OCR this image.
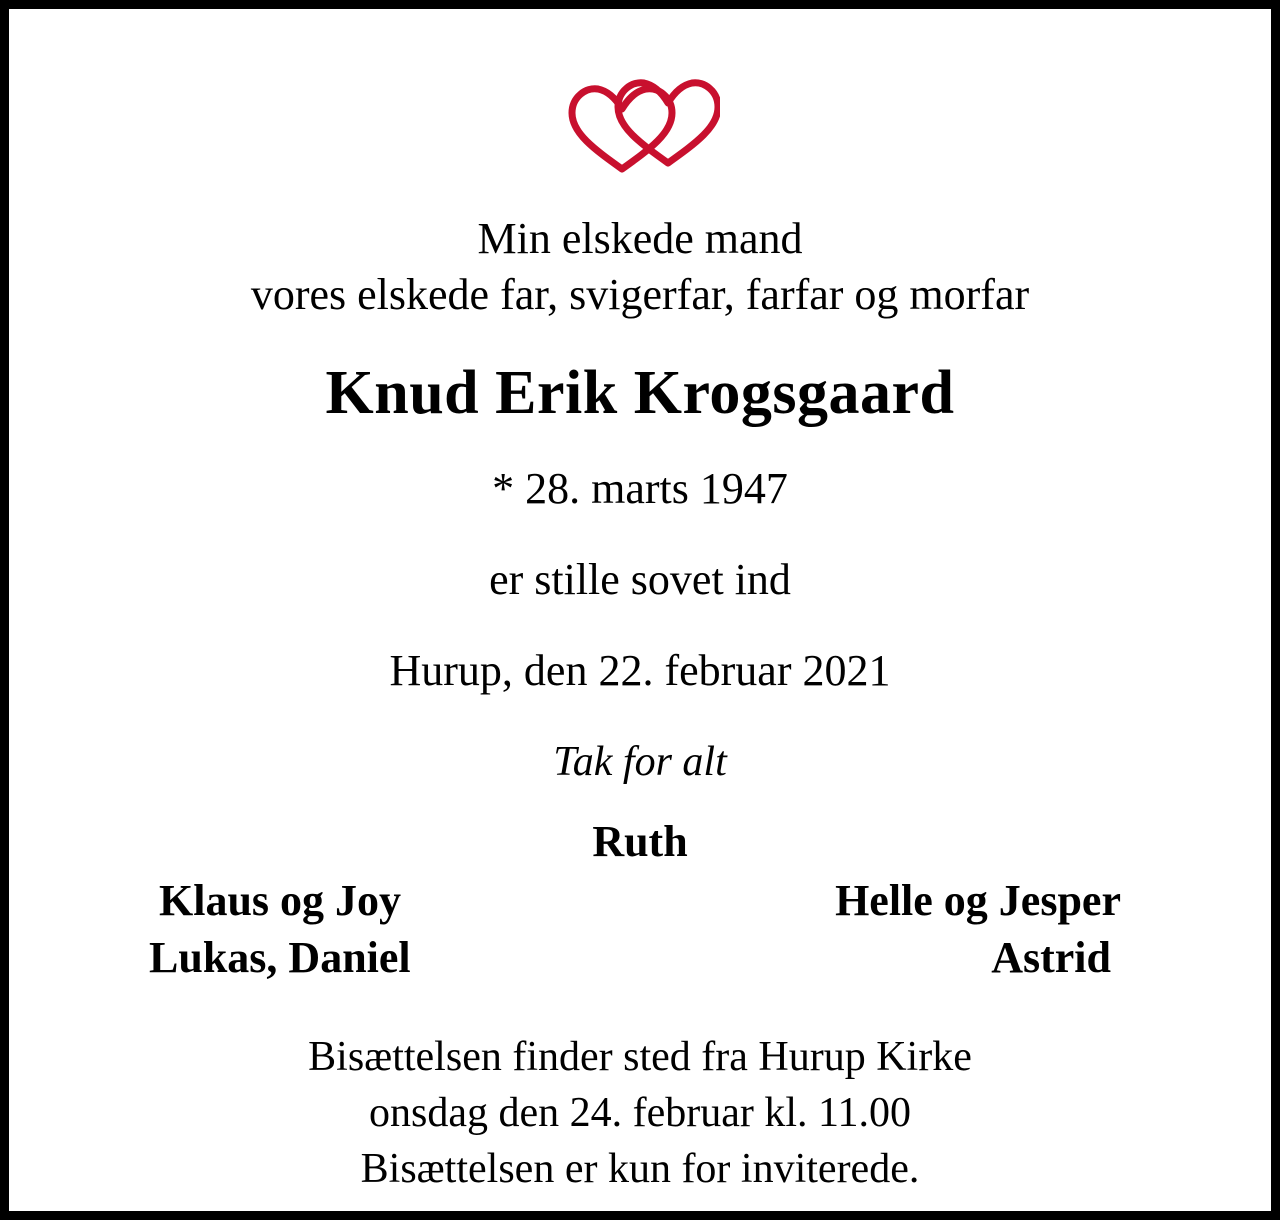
Min elskede mand
vores elskede far, svigerfar, farfar og morfar
Knud Erik Krogsgaard
* 28. marts 1947
er stille sovet ind
Hurup, den 22. februar 2021
Tak for alt
Ruth
Klaus og Joy	Helle og Jesper
Lukas, Daniel	Astrid
Bisættelsen finder sted fra Hurup Kirke
onsdag den 24. februar kl. 11.00
Bisættelsen er kun for inviterede.
